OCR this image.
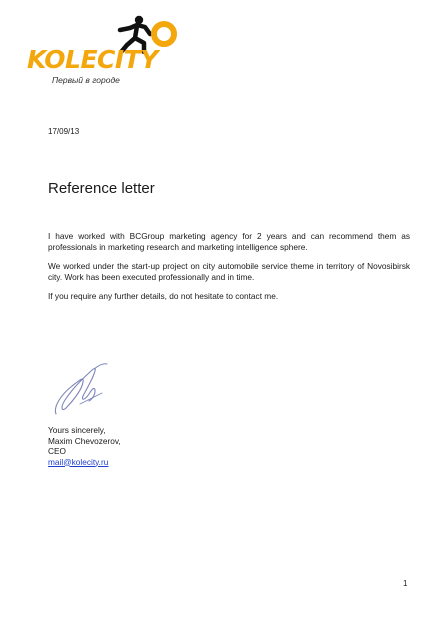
KOLECITY
Первый в городе
17/09/13
Reference letter

I have worked with BCGroup marketing agency for 2 years and can recommend them as professionals in marketing research and marketing intelligence sphere.

We worked under the start-up project on city automobile service theme in territory of Novosibirsk city. Work has been executed professionally and in time.

If you require any further details, do not hesitate to contact me.

Yours sincerely,
Maxim Chevozerov,
CEO
mail@kolecity.ru
1
